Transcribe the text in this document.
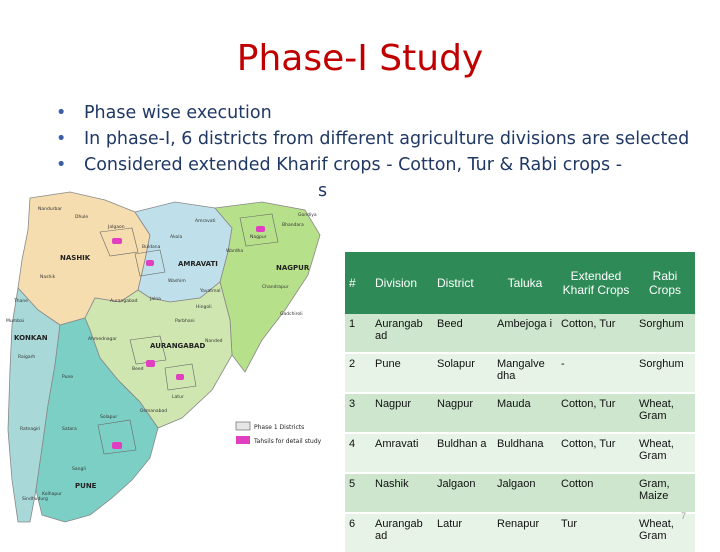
Phase-I Study
• Phase wise execution
• In phase-I, 6 districts from different agriculture divisions are selected
• Considered extended Kharif crops - Cotton, Tur & Rabi crops -
s
NASHIK
AMRAVATI	NAGPUR
AURANGABAD
KONKAN
PUNE
Nandurbar
Dhule
Jalgaon
Buldana
Akola
Amravati
Washim
Yavatmal
Wardha
Nagpur
Bhandara
Gondiya
Chandrapur
Gadchiroli
Nashik
Ahmednagar
Aurangabad	Jalna
Beed
Latur
Osmanabad
Parbhani
Hingoli
Nanded
Thane
Mumbai
Raigarh
Ratnagiri
Sindhudurg
Pune
Satara
Sangli
Kolhapur
Solapur
Phase 1 Districts
Tahsils for detail study
#	Division	District	Taluka	Extended Kharif Crops	Rabi Crops
1	Aurangab ad	Beed	Ambejoga i	Cotton, Tur	Sorghum
2	Pune	Solapur	Mangalve dha	-	Sorghum
3	Nagpur	Nagpur	Mauda	Cotton, Tur	Wheat, Gram
4	Amravati	Buldhan a	Buldhana	Cotton, Tur	Wheat, Gram
5	Nashik	Jalgaon	Jalgaon	Cotton	Gram, Maize
6	Aurangab ad	Latur	Renapur	Tur	Wheat, Gram
7
